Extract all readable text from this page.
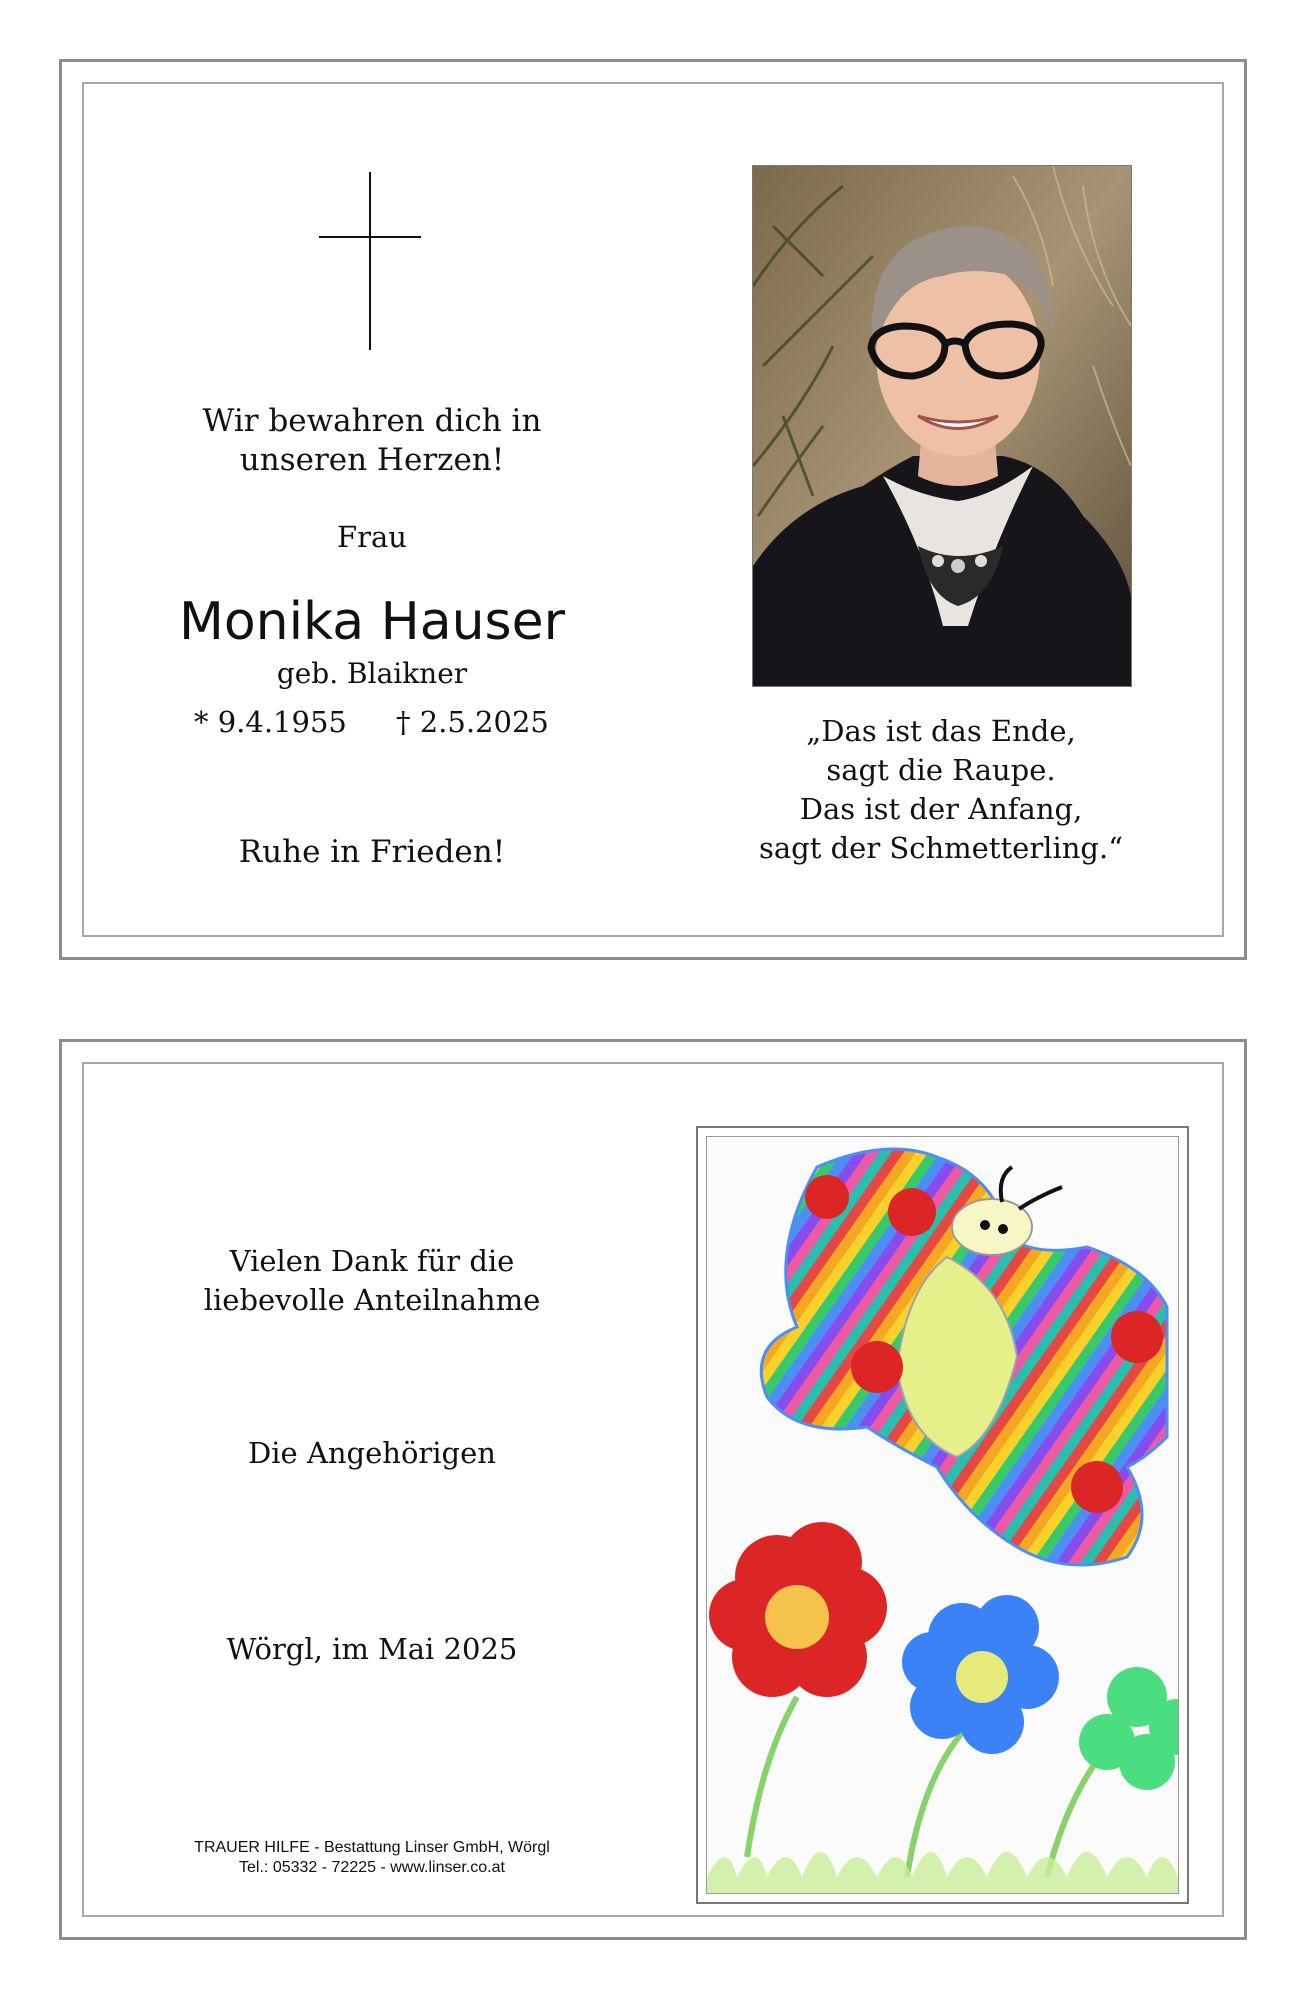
Wir bewahren dich in
unseren Herzen!
Frau
Monika Hauser
geb. Blaikner
* 9.4.1955 † 2.5.2025
Ruhe in Frieden!
„Das ist das Ende,
sagt die Raupe.
Das ist der Anfang,
sagt der Schmetterling.“
Vielen Dank für die
liebevolle Anteilnahme
Die Angehörigen
Wörgl, im Mai 2025
TRAUER HILFE - Bestattung Linser GmbH, Wörgl
Tel.: 05332 - 72225 - www.linser.co.at
